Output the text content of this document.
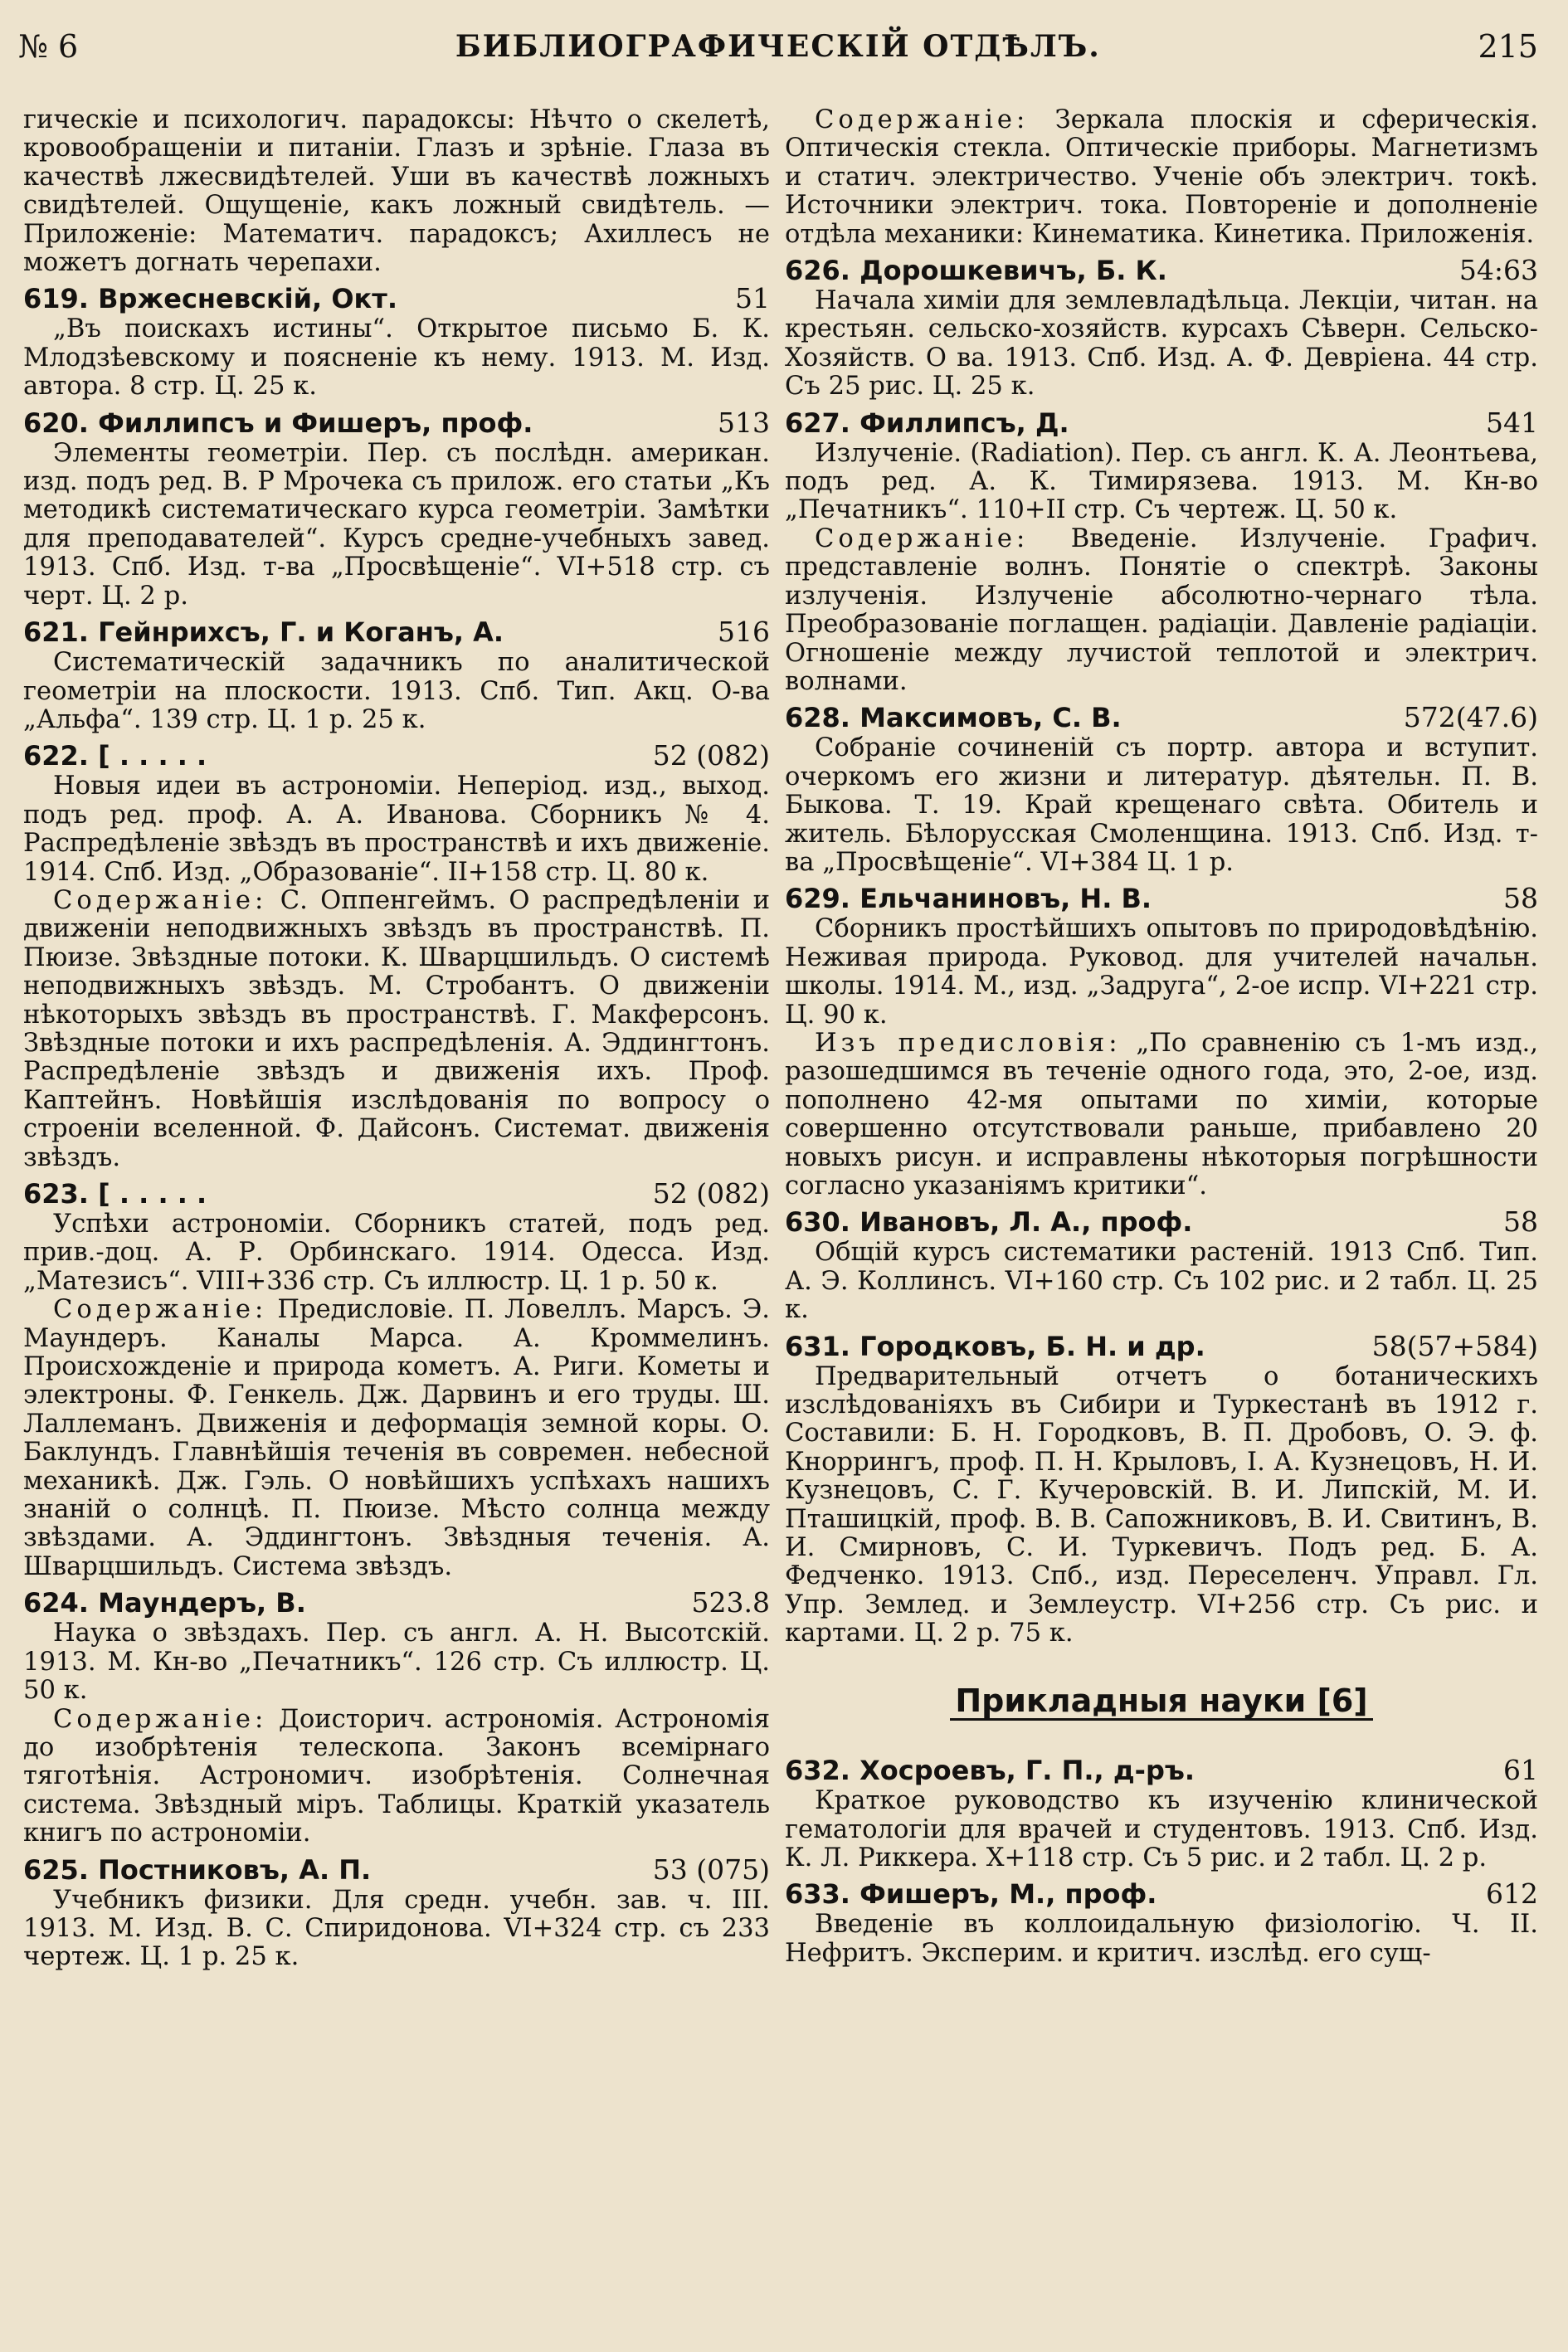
№ 6	БИБЛИОГРАФИЧЕСКІЙ ОТДѢЛЪ.	215

гическіе и психологич. парадоксы: Нѣчто о скелетѣ, кровообращеніи и питаніи. Глазъ и зрѣніе. Глаза въ качествѣ лжесвидѣтелей. Уши въ качествѣ ложныхъ свидѣтелей. Ощущеніе, какъ ложный свидѣтель. — Приложеніе: Математич. парадоксъ; Ахиллесъ не можетъ догнать черепахи.

619. Вржесневскій, Окт.	51

„Въ поискахъ истины“. Открытое письмо Б. К. Млодзѣевскому и поясненіе къ нему. 1913. М. Изд. автора. 8 стр. Ц. 25 к.

620. Филлипсъ и Фишеръ, проф.	513

Элементы геометріи. Пер. съ послѣдн. американ. изд. подъ ред. В. Р Мрочека съ прилож. его статьи „Къ методикѣ систематическаго курса геометріи. Замѣтки для преподавателей“. Курсъ средне-учебныхъ завед. 1913. Спб. Изд. т-ва „Просвѣщеніе“. VI+518 стр. съ черт. Ц. 2 р.

621. Гейнрихсъ, Г. и Коганъ, А.	516

Систематическій задачникъ по аналитической геометріи на плоскости. 1913. Спб. Тип. Акц. О-ва „Альфа“. 139 стр. Ц. 1 р. 25 к.

622. [ . . . . .	52 (082)

Новыя идеи въ астрономіи. Непеpiод. изд., выход. подъ ред. проф. А. А. Иванова. Сборникъ № 4. Распредѣленіе звѣздъ въ пространствѣ и ихъ движеніе. 1914. Спб. Изд. „Образованіе“. II+158 стр. Ц. 80 к.

Содержаніе: С. Оппенгеймъ. О распредѣленіи и движеніи неподвижныхъ звѣздъ въ пространствѣ. П. Пюизе. Звѣздные потоки. К. Шварцшильдъ. О системѣ неподвижныхъ звѣздъ. М. Стробантъ. О движеніи нѣкоторыхъ звѣздъ въ пространствѣ. Г. Макферсонъ. Звѣздные потоки и ихъ распредѣленія. А. Эддингтонъ. Распредѣленіе звѣздъ и движенія ихъ. Проф. Каптейнъ. Новѣйшія изслѣдованія по вопросу о строеніи вселенной. Ф. Дайсонъ. Системат. движенія звѣздъ.

623. [ . . . . .	52 (082)

Успѣхи астрономіи. Сборникъ статей, подъ ред. прив.-доц. А. Р. Орбинскаго. 1914. Одесса. Изд. „Матезисъ“. VIII+336 стр. Съ иллюстр. Ц. 1 р. 50 к.

Содержаніе: Предисловіе. П. Ловеллъ. Марсъ. Э. Маундеръ. Каналы Марса. А. Кроммелинъ. Происхожденіе и природа кометъ. А. Риги. Кометы и электроны. Ф. Генкель. Дж. Дарвинъ и его труды. Ш. Лаллеманъ. Движенія и деформація земной коры. О. Баклундъ. Главнѣйшія теченія въ современ. небесной механикѣ. Дж. Гэль. О новѣйшихъ успѣхахъ нашихъ знаній о солнцѣ. П. Пюизе. Мѣсто солнца между звѣздами. А. Эддингтонъ. Звѣздныя теченія. А. Шварцшильдъ. Система звѣздъ.

624. Маундеръ, В.	523.8

Наука о звѣздахъ. Пер. съ англ. А. Н. Высотскій. 1913. М. Кн-во „Печатникъ“. 126 стр. Съ иллюстр. Ц. 50 к.

Содержаніе: Доисторич. астрономія. Астрономія до изобрѣтенія телескопа. Законъ всемірнаго тяготѣнія. Астрономич. изобрѣтенія. Солнечная система. Звѣздный міръ. Таблицы. Краткій указатель книгъ по астрономіи.

625. Постниковъ, А. П.	53 (075)

Учебникъ физики. Для средн. учебн. зав. ч. III. 1913. М. Изд. В. С. Спиридонова. VI+324 стр. съ 233 чертеж. Ц. 1 р. 25 к.

Содержаніе: Зеркала плоскія и сферическія. Оптическія стекла. Оптическіе приборы. Магнетизмъ и статич. электричество. Ученіе объ электрич. токѣ. Источники электрич. тока. Повтореніе и дополненіе отдѣла механики: Кинематика. Кинетика. Приложенія.

626. Дорошкевичъ, Б. К.	54:63

Начала химіи для землевладѣльца. Лекціи, читан. на крестьян. сельско-хозяйств. курсахъ Сѣверн. Сельско-Хозяйств. О ва. 1913. Спб. Изд. А. Ф. Девріена. 44 стр. Съ 25 рис. Ц. 25 к.

627. Филлипсъ, Д.	541

Излученіе. (Radiation). Пер. съ англ. К. А. Леонтьева, подъ ред. А. К. Тимирязева. 1913. М. Кн-во „Печатникъ“. 110+II стр. Съ чертеж. Ц. 50 к.

Содержаніе: Введеніе. Излученіе. Графич. представленіе волнъ. Понятіе о спектрѣ. Законы излученія. Излученіе абсолютно-чернаго тѣла. Преобразованіе поглащен. радіаціи. Давленіе радіаціи. Огношеніе между лучистой теплотой и электрич. волнами.

628. Максимовъ, С. В.	572(47.6)

Собраніе сочиненій съ портр. автора и вступит. очеркомъ его жизни и литератур. дѣятельн. П. В. Быкова. Т. 19. Край крещенаго свѣта. Обитель и житель. Бѣлорусская Смоленщина. 1913. Спб. Изд. т-ва „Просвѣщеніе“. VI+384 Ц. 1 р.

629. Ельчаниновъ, Н. В.	58

Сборникъ простѣйшихъ опытовъ по природовѣдѣнію. Неживая природа. Руковод. для учителей начальн. школы. 1914. М., изд. „Задруга“, 2-ое испр. VI+221 стр. Ц. 90 к.

Изъ предисловія: „По сравненію съ 1-мъ изд., разошедшимся въ теченіе одного года, это, 2-ое, изд. пополнено 42-мя опытами по химіи, которые совершенно отсутствовали раньше, прибавлено 20 новыхъ рисун. и исправлены нѣкоторыя погрѣшности согласно указаніямъ критики“.

630. Ивановъ, Л. А., проф.	58

Общій курсъ систематики растеній. 1913 Спб. Тип. А. Э. Коллинсъ. VI+160 стр. Съ 102 рис. и 2 табл. Ц. 25 к.

631. Городковъ, Б. Н. и др.	58(57+584)

Предварительный отчетъ о ботаническихъ изслѣдованіяхъ въ Сибири и Туркестанѣ въ 1912 г. Составили: Б. Н. Городковъ, В. П. Дробовъ, О. Э. ф. Кноррингъ, проф. П. Н. Крыловъ, I. А. Кузнецовъ, Н. И. Кузнецовъ, С. Г. Кучеровскій. В. И. Липскій, М. И. Пташицкій, проф. В. В. Сапожниковъ, В. И. Свитинъ, В. И. Смирновъ, С. И. Туркевичъ. Подъ ред. Б. А. Федченко. 1913. Спб., изд. Переселенч. Управл. Гл. Упр. Землед. и Землеустр. VI+256 стр. Съ рис. и картами. Ц. 2 р. 75 к.

Прикладныя науки [6]
632. Хосроевъ, Г. П., д-ръ.	61

Краткое руководство къ изученію клинической гематологіи для врачей и студентовъ. 1913. Спб. Изд. К. Л. Риккера. X+118 стр. Съ 5 рис. и 2 табл. Ц. 2 р.

633. Фишеръ, М., проф.	612

Введеніе въ коллоидальную физіологію. Ч. II. Нефритъ. Эксперим. и критич. изслѣд. его сущ-
